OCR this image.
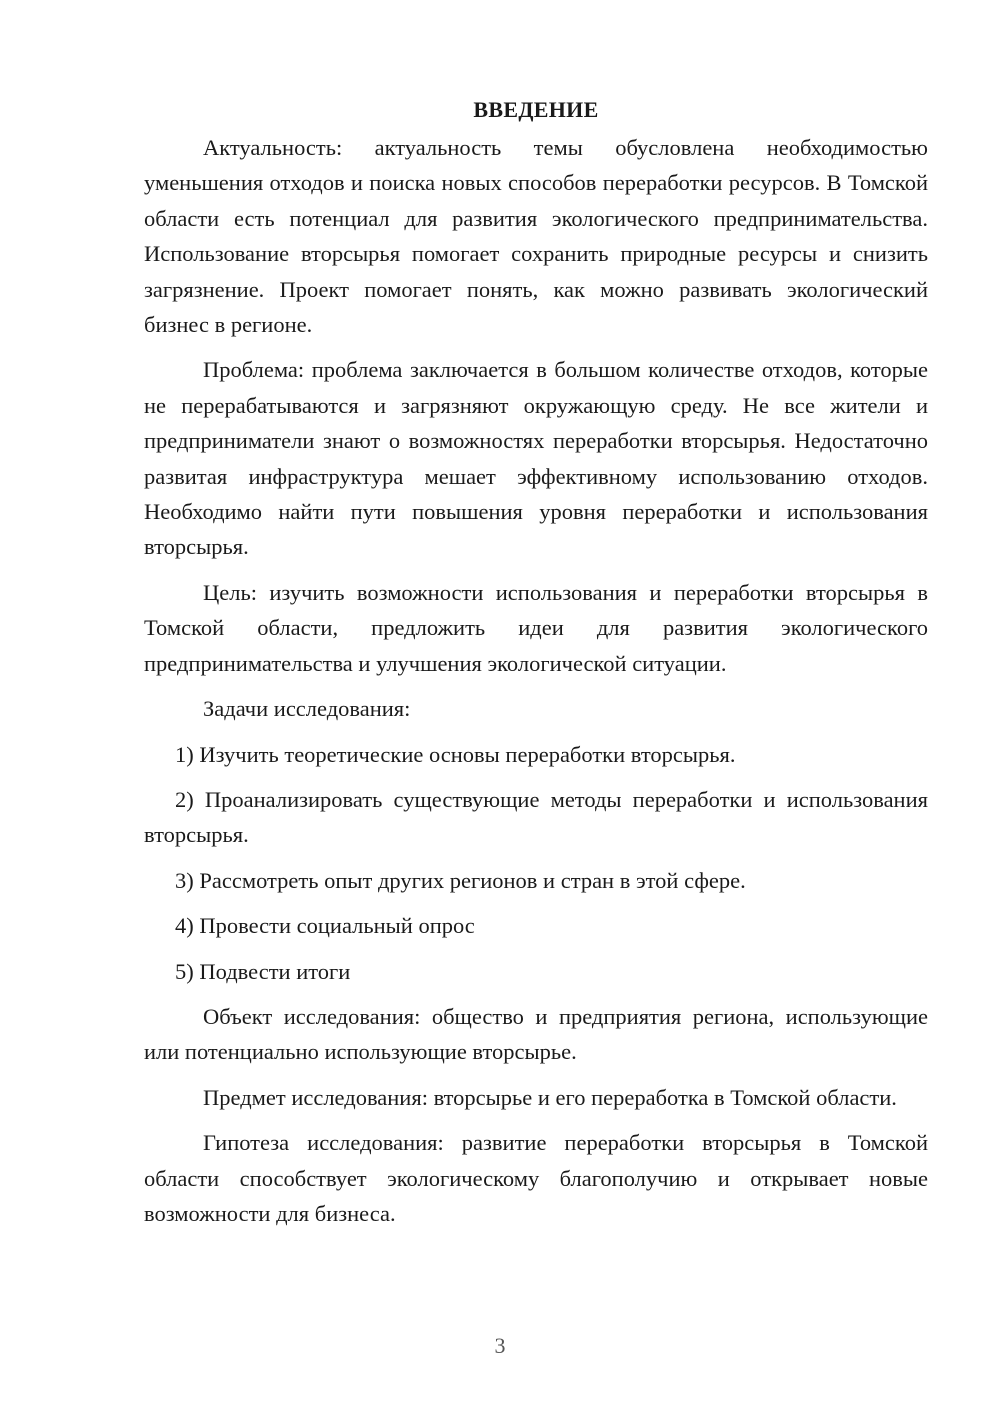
ВВЕДЕНИЕ

Актуальность: актуальность темы обусловлена необходимостью уменьшения отходов и поиска новых способов переработки ресурсов. В Томской области есть потенциал для развития экологического предпринимательства. Использование вторсырья помогает сохранить природные ресурсы и снизить загрязнение. Проект помогает понять, как можно развивать экологический бизнес в регионе.

Проблема: проблема заключается в большом количестве отходов, которые не перерабатываются и загрязняют окружающую среду. Не все жители и предприниматели знают о возможностях переработки вторсырья. Недостаточно развитая инфраструктура мешает эффективному использованию отходов. Необходимо найти пути повышения уровня переработки и использования вторсырья.

Цель: изучить возможности использования и переработки вторсырья в Томской области, предложить идеи для развития экологического предпринимательства и улучшения экологической ситуации.

Задачи исследования:

1) Изучить теоретические основы переработки вторсырья.

2) Проанализировать существующие методы переработки и использования вторсырья.

3) Рассмотреть опыт других регионов и стран в этой сфере.

4) Провести социальный опрос

5) Подвести итоги

Объект исследования: общество и предприятия региона, использующие или потенциально использующие вторсырье.

Предмет исследования: вторсырье и его переработка в Томской области.

Гипотеза исследования: развитие переработки вторсырья в Томской области способствует экологическому благополучию и открывает новые возможности для бизнеса.

3
